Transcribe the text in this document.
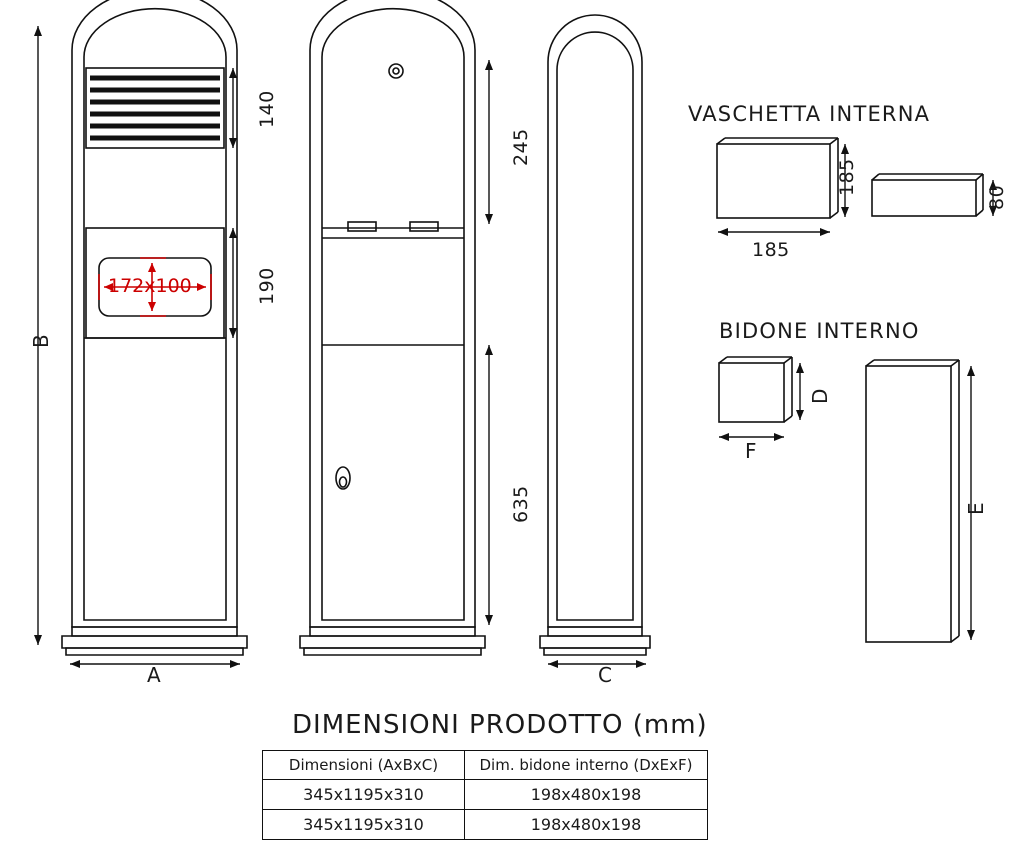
B
A
140
190
172x100
245
635
C
VASCHETTA INTERNA
185
185
80
BIDONE INTERNO
D
F
E
DIMENSIONI PRODOTTO (mm)
Dimensioni (AxBxC)	Dim. bidone interno (DxExF)
345x1195x310	198x480x198
345x1195x310	198x480x198
